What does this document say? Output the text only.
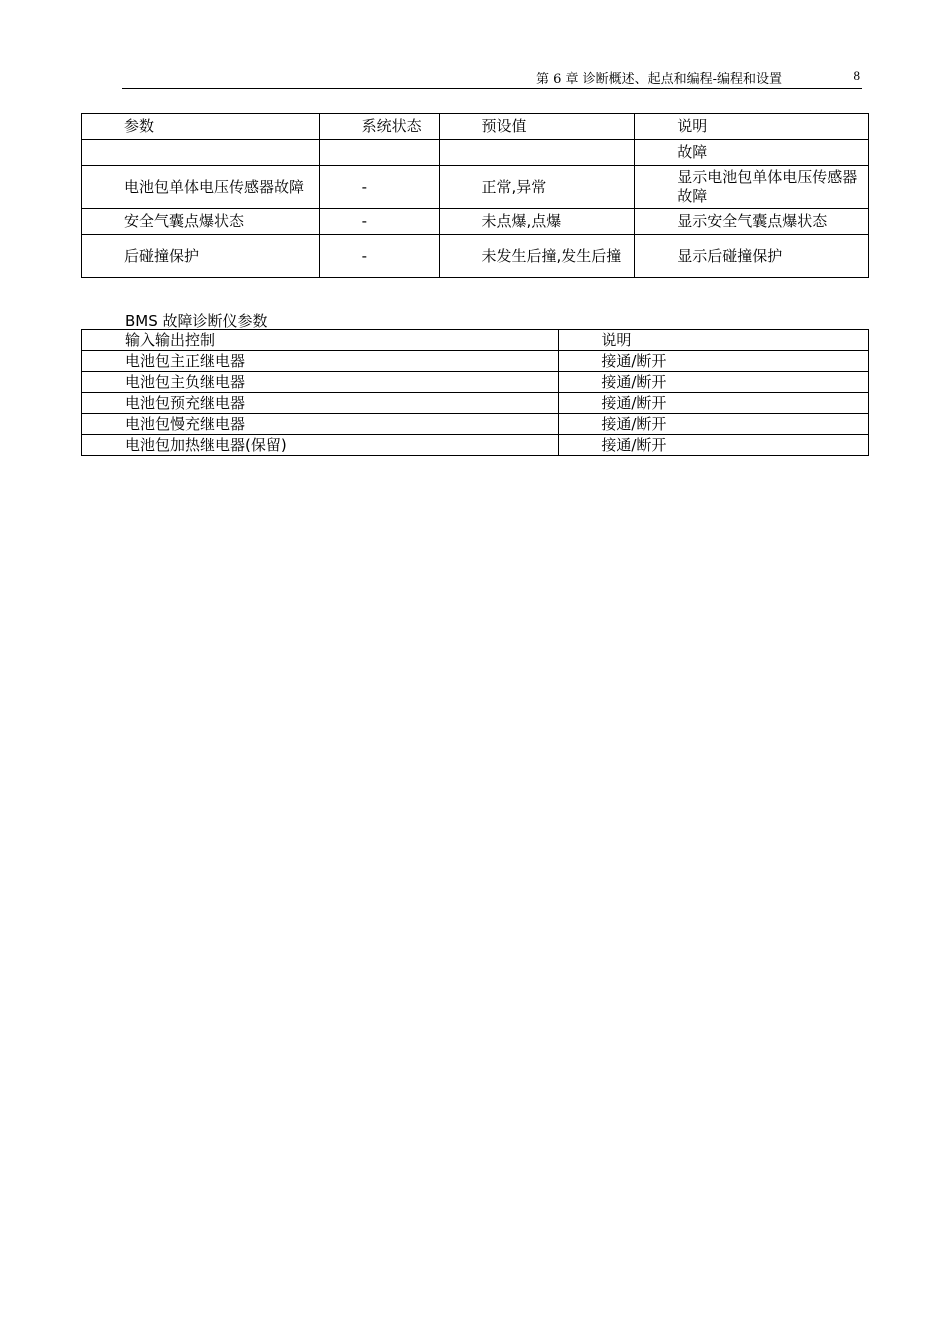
第 6 章 诊断概述、起点和编程-编程和设置	8
参数	系统状态	预设值	说明
			故障
电池包单体电压传感器故障	-	正常,异常	显示电池包单体电压传感器故障
安全气囊点爆状态	-	未点爆,点爆	显示安全气囊点爆状态
后碰撞保护	-	未发生后撞,发生后撞	显示后碰撞保护
BMS 故障诊断仪参数
输入输出控制	说明
电池包主正继电器	接通/断开
电池包主负继电器	接通/断开
电池包预充继电器	接通/断开
电池包慢充继电器	接通/断开
电池包加热继电器(保留)	接通/断开
